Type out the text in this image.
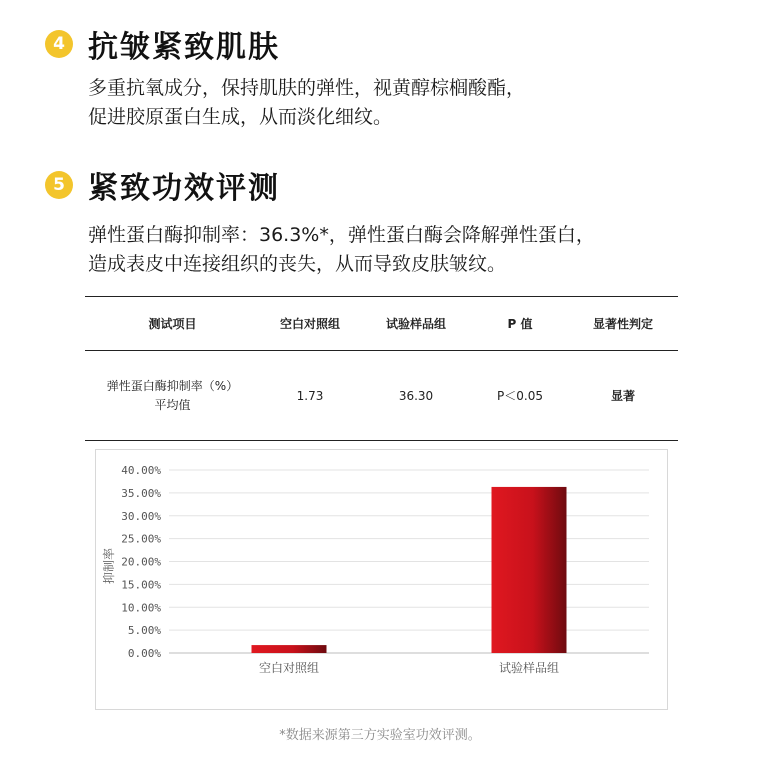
4 抗皱紧致肌肤
多重抗氧成分，保持肌肤的弹性，视黄醇棕榈酸酯，
促进胶原蛋白生成，从而淡化细纹。
5 紧致功效评测
弹性蛋白酶抑制率：36.3%*，弹性蛋白酶会降解弹性蛋白，
造成表皮中连接组织的丧失，从而导致皮肤皱纹。
测试项目	空白对照组	试验样品组	P 值	显著性判定
弹性蛋白酶抑制率（%）
平均值
1.73	36.30	P＜0.05	显著
0.00%
5.00%
10.00%
15.00%
20.00%
25.00%
30.00%
35.00%
40.00%
空白对照组	试验样品组
抑制率
*数据来源第三方实验室功效评测。
